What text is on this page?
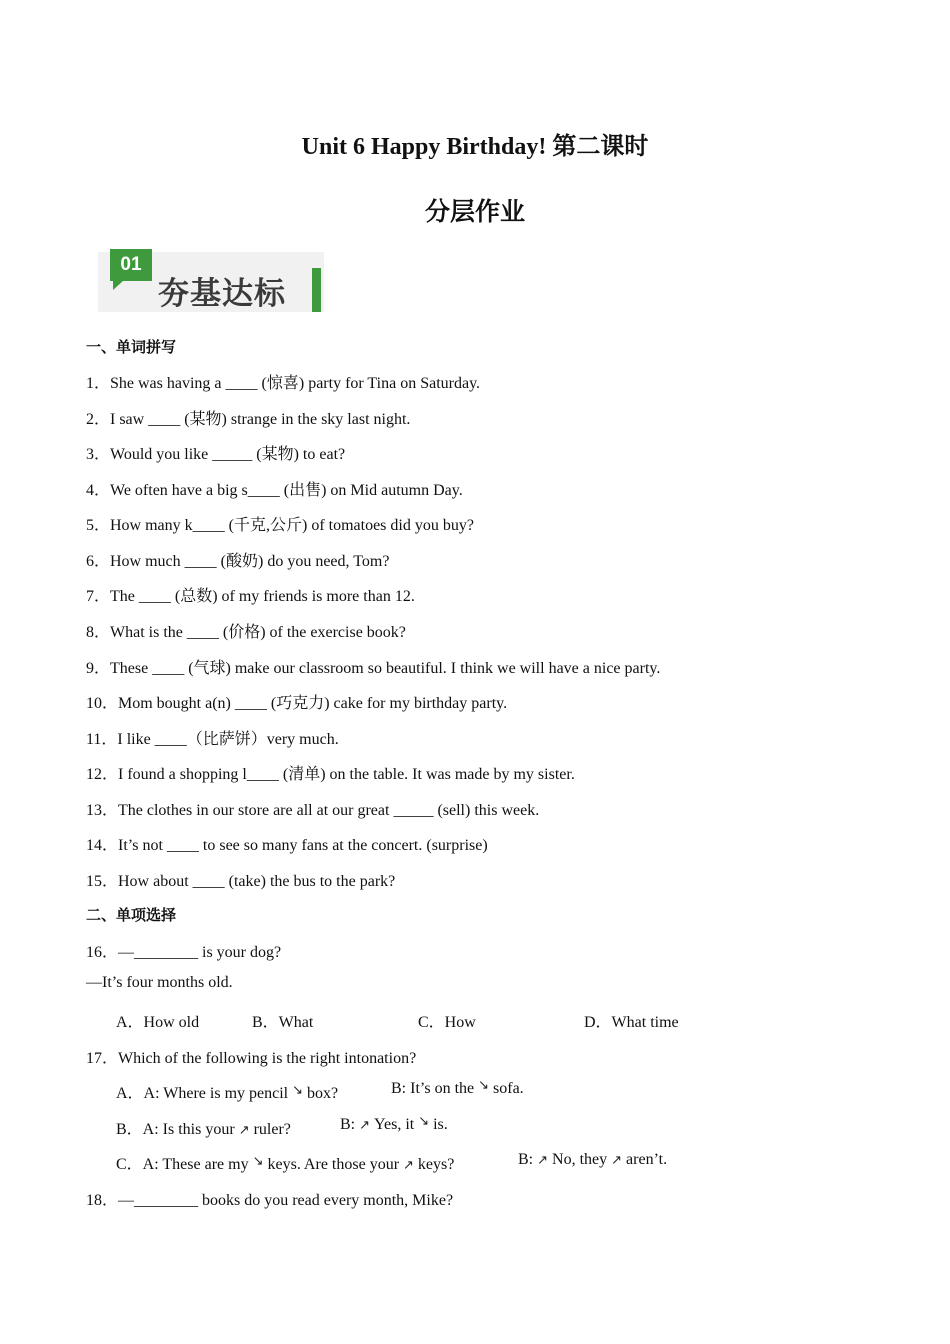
Unit 6 Happy Birthday! 第二课时
分层作业
01
夯基达标
一、单词拼写
1．She was having a ____ (惊喜) party for Tina on Saturday.
2．I saw ____ (某物) strange in the sky last night.
3．Would you like _____ (某物) to eat?
4．We often have a big s____ (出售) on Mid autumn Day.
5．How many k____ (千克,公斤) of tomatoes did you buy?
6．How much ____ (酸奶) do you need, Tom?
7．The ____ (总数) of my friends is more than 12.
8．What is the ____ (价格) of the exercise book?
9．These ____ (气球) make our classroom so beautiful. I think we will have a nice party.
10．Mom bought a(n) ____ (巧克力) cake for my birthday party.
11．I like ____（比萨饼）very much.
12．I found a shopping l____ (清单) on the table. It was made by my sister.
13．The clothes in our store are all at our great _____ (sell) this week.
14．It’s not ____ to see so many fans at the concert. (surprise)
15．How about ____ (take) the bus to the park?
二、单项选择
16．—________ is your dog?
—It’s four months old.
A．How old	B．What	C．How	D．What time
17．Which of the following is the right intonation?
A．A: Where is my pencil ↘ box?	B: It’s on the ↘ sofa.
B．A: Is this your ↗ ruler?	B: ↗ Yes, it ↘ is.
C．A: These are my ↘ keys. Are those your ↗ keys?	B: ↗ No, they ↗ aren’t.
18．—________ books do you read every month, Mike?
